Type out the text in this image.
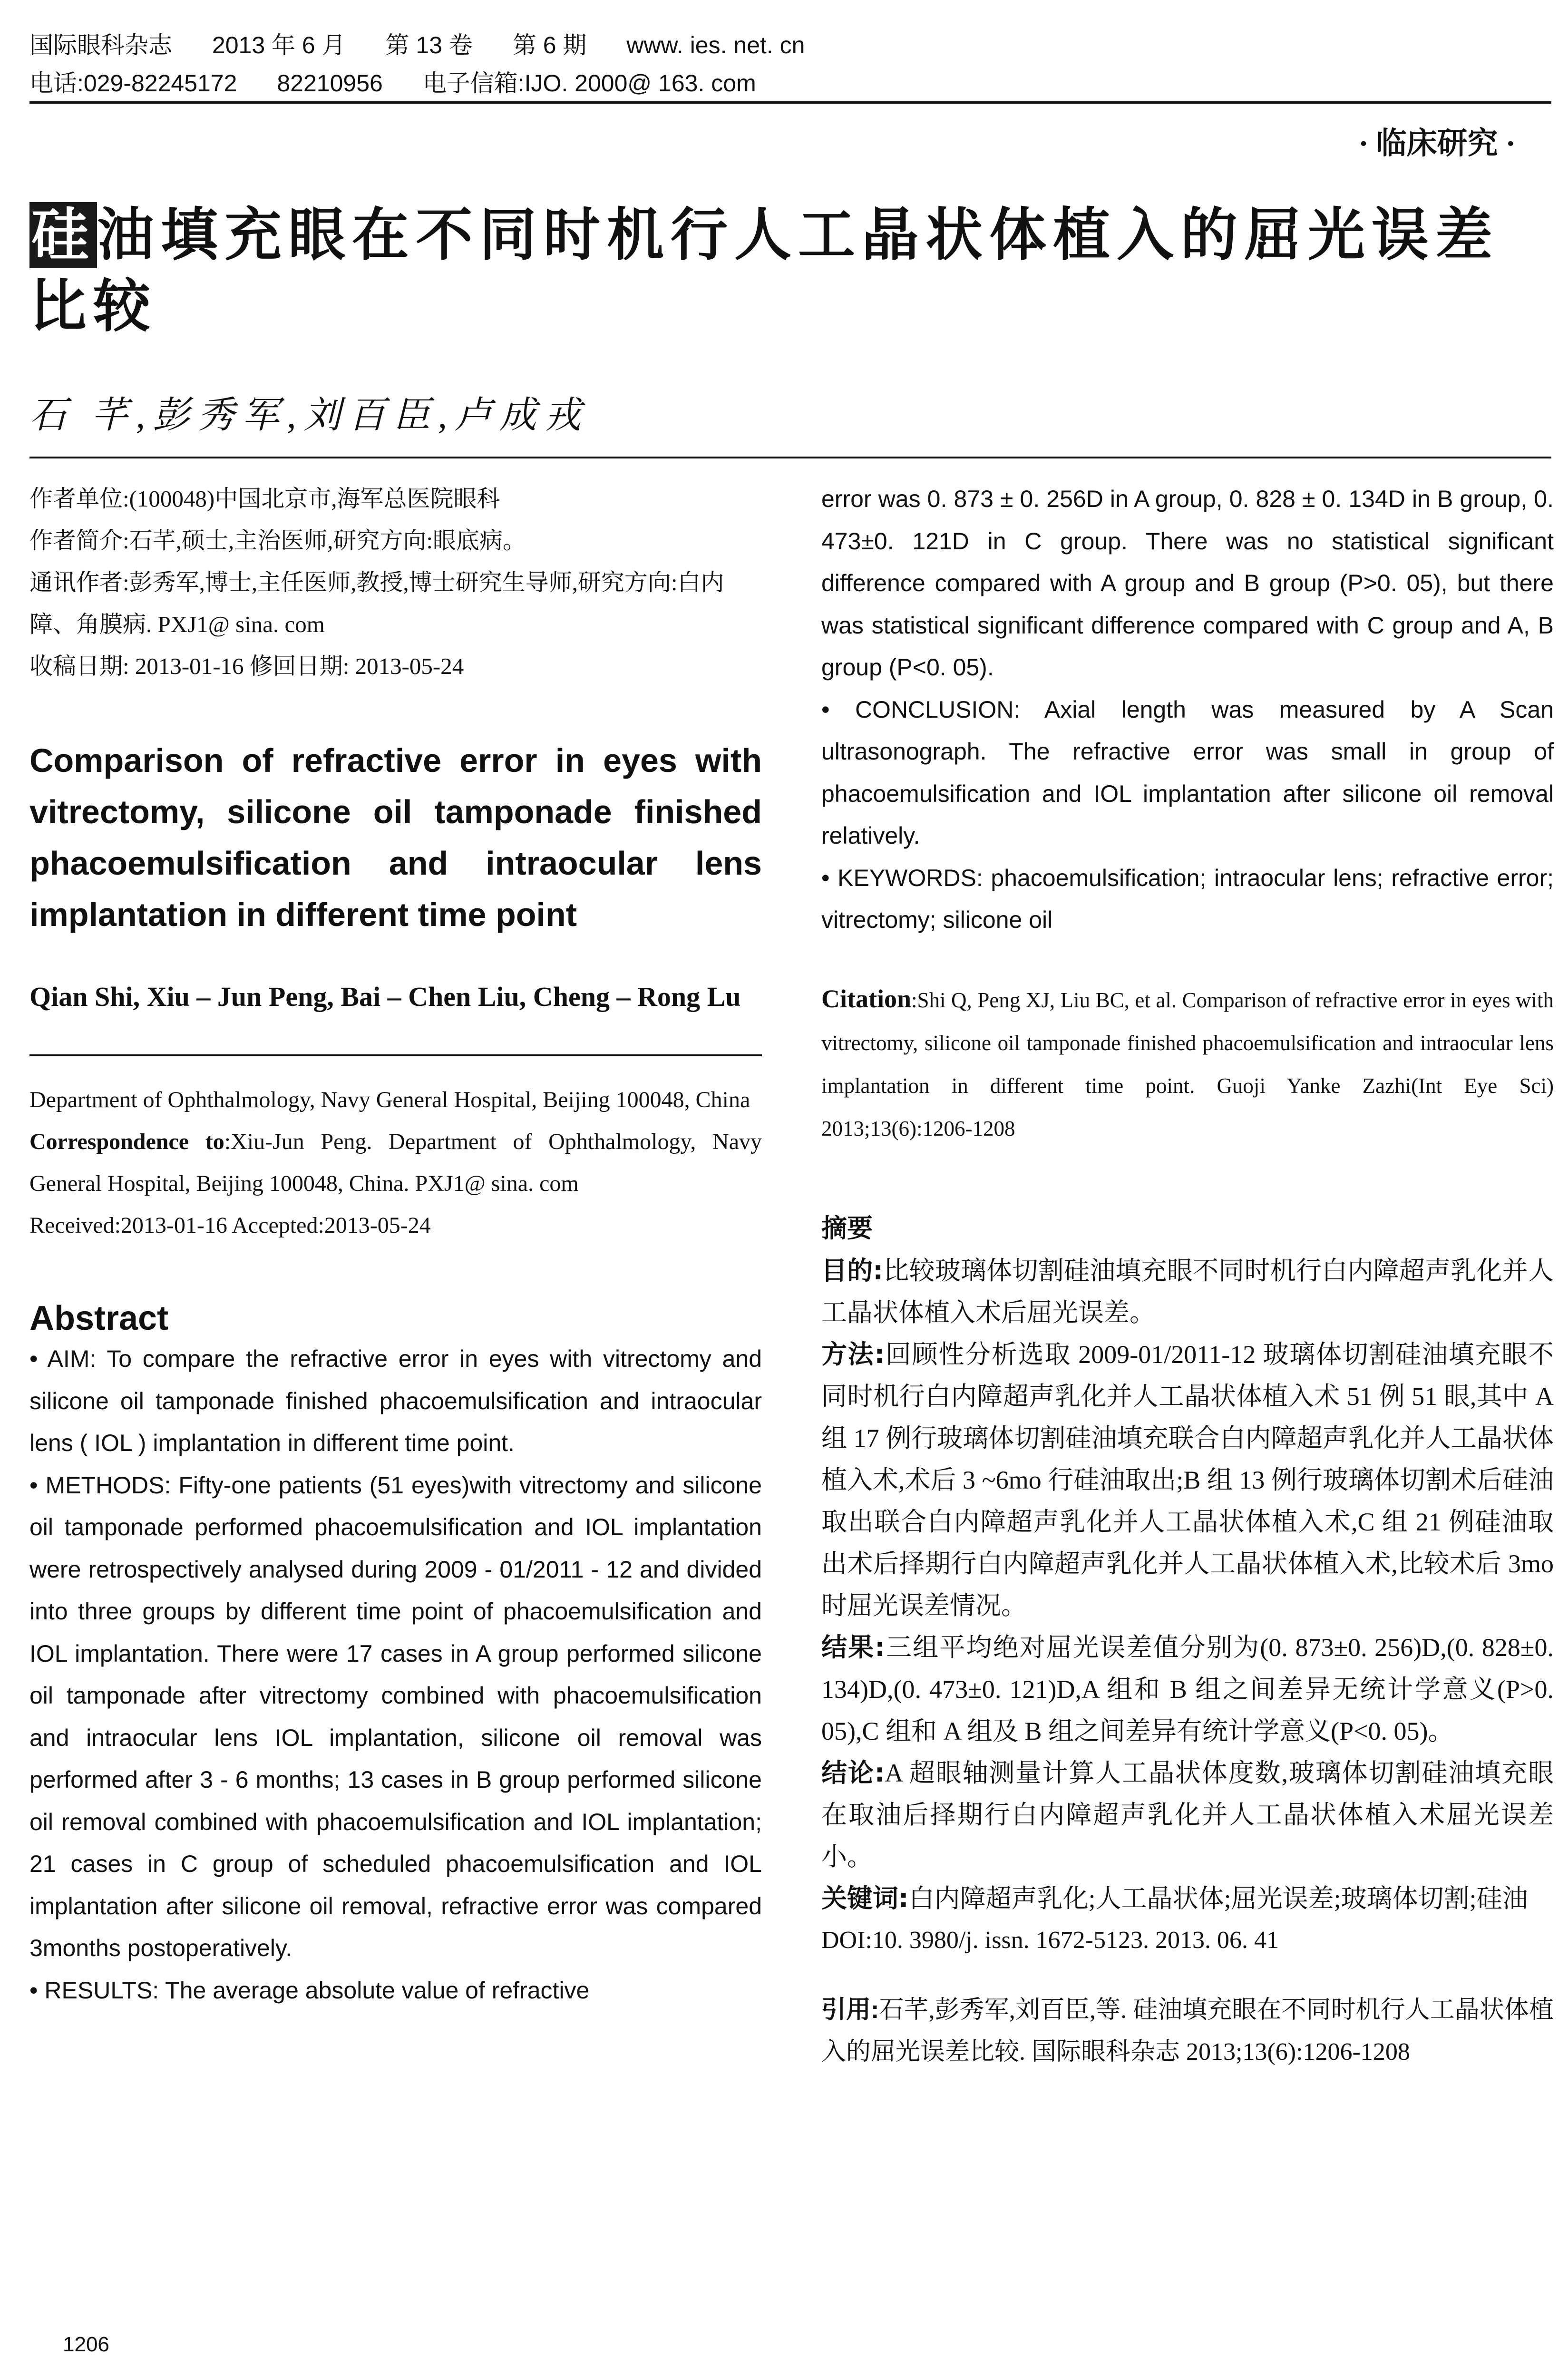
国际眼科杂志 2013 年 6 月 第 13 卷 第 6 期 www. ies. net. cn
电话:029-82245172 82210956 电子信箱:IJO. 2000@ 163. com
· 临床研究 ·
硅油填充眼在不同时机行人工晶状体植入的屈光误差比较
石 芊,彭秀军,刘百臣,卢成戎

作者单位:(100048)中国北京市,海军总医院眼科

作者简介:石芊,硕士,主治医师,研究方向:眼底病。

通讯作者:彭秀军,博士,主任医师,教授,博士研究生导师,研究方向:白内障、角膜病. PXJ1@ sina. com

收稿日期: 2013-01-16 修回日期: 2013-05-24

Comparison of refractive error in eyes with vitrectomy, silicone oil tamponade finished phacoemulsification and intraocular lens implantation in different time point
Qian Shi, Xiu – Jun Peng, Bai – Chen Liu, Cheng – Rong Lu
Department of Ophthalmology, Navy General Hospital, Beijing 100048, China
Correspondence to:Xiu-Jun Peng. Department of Ophthalmology, Navy General Hospital, Beijing 100048, China. PXJ1@ sina. com
Received:2013-01-16 Accepted:2013-05-24
Abstract

• AIM: To compare the refractive error in eyes with vitrectomy and silicone oil tamponade finished phacoemulsification and intraocular lens ( IOL ) implantation in different time point.

• METHODS: Fifty-one patients (51 eyes)with vitrectomy and silicone oil tamponade performed phacoemulsification and IOL implantation were retrospectively analysed during 2009 - 01/2011 - 12 and divided into three groups by different time point of phacoemulsification and IOL implantation. There were 17 cases in A group performed silicone oil tamponade after vitrectomy combined with phacoemulsification and intraocular lens IOL implantation, silicone oil removal was performed after 3 - 6 months; 13 cases in B group performed silicone oil removal combined with phacoemulsification and IOL implantation; 21 cases in C group of scheduled phacoemulsification and IOL implantation after silicone oil removal, refractive error was compared 3months postoperatively.

• RESULTS: The average absolute value of refractive

error was 0. 873 ± 0. 256D in A group, 0. 828 ± 0. 134D in B group, 0. 473±0. 121D in C group. There was no statistical significant difference compared with A group and B group (P>0. 05), but there was statistical significant difference compared with C group and A, B group (P<0. 05).

• CONCLUSION: Axial length was measured by A Scan ultrasonograph. The refractive error was small in group of phacoemulsification and IOL implantation after silicone oil removal relatively.

• KEYWORDS: phacoemulsification; intraocular lens; refractive error; vitrectomy; silicone oil

Citation:Shi Q, Peng XJ, Liu BC, et al. Comparison of refractive error in eyes with vitrectomy, silicone oil tamponade finished phacoemulsification and intraocular lens implantation in different time point. Guoji Yanke Zazhi(Int Eye Sci) 2013;13(6):1206-1208
摘要

目的:比较玻璃体切割硅油填充眼不同时机行白内障超声乳化并人工晶状体植入术后屈光误差。

方法:回顾性分析选取 2009-01/2011-12 玻璃体切割硅油填充眼不同时机行白内障超声乳化并人工晶状体植入术 51 例 51 眼,其中 A 组 17 例行玻璃体切割硅油填充联合白内障超声乳化并人工晶状体植入术,术后 3 ~6mo 行硅油取出;B 组 13 例行玻璃体切割术后硅油取出联合白内障超声乳化并人工晶状体植入术,C 组 21 例硅油取出术后择期行白内障超声乳化并人工晶状体植入术,比较术后 3mo 时屈光误差情况。

结果:三组平均绝对屈光误差值分别为(0. 873±0. 256)D,(0. 828±0. 134)D,(0. 473±0. 121)D,A 组和 B 组之间差异无统计学意义(P>0. 05),C 组和 A 组及 B 组之间差异有统计学意义(P<0. 05)。

结论:A 超眼轴测量计算人工晶状体度数,玻璃体切割硅油填充眼在取油后择期行白内障超声乳化并人工晶状体植入术屈光误差小。

关键词:白内障超声乳化;人工晶状体;屈光误差;玻璃体切割;硅油

DOI:10. 3980/j. issn. 1672-5123. 2013. 06. 41

引用:石芊,彭秀军,刘百臣,等. 硅油填充眼在不同时机行人工晶状体植入的屈光误差比较. 国际眼科杂志 2013;13(6):1206-1208
1206
